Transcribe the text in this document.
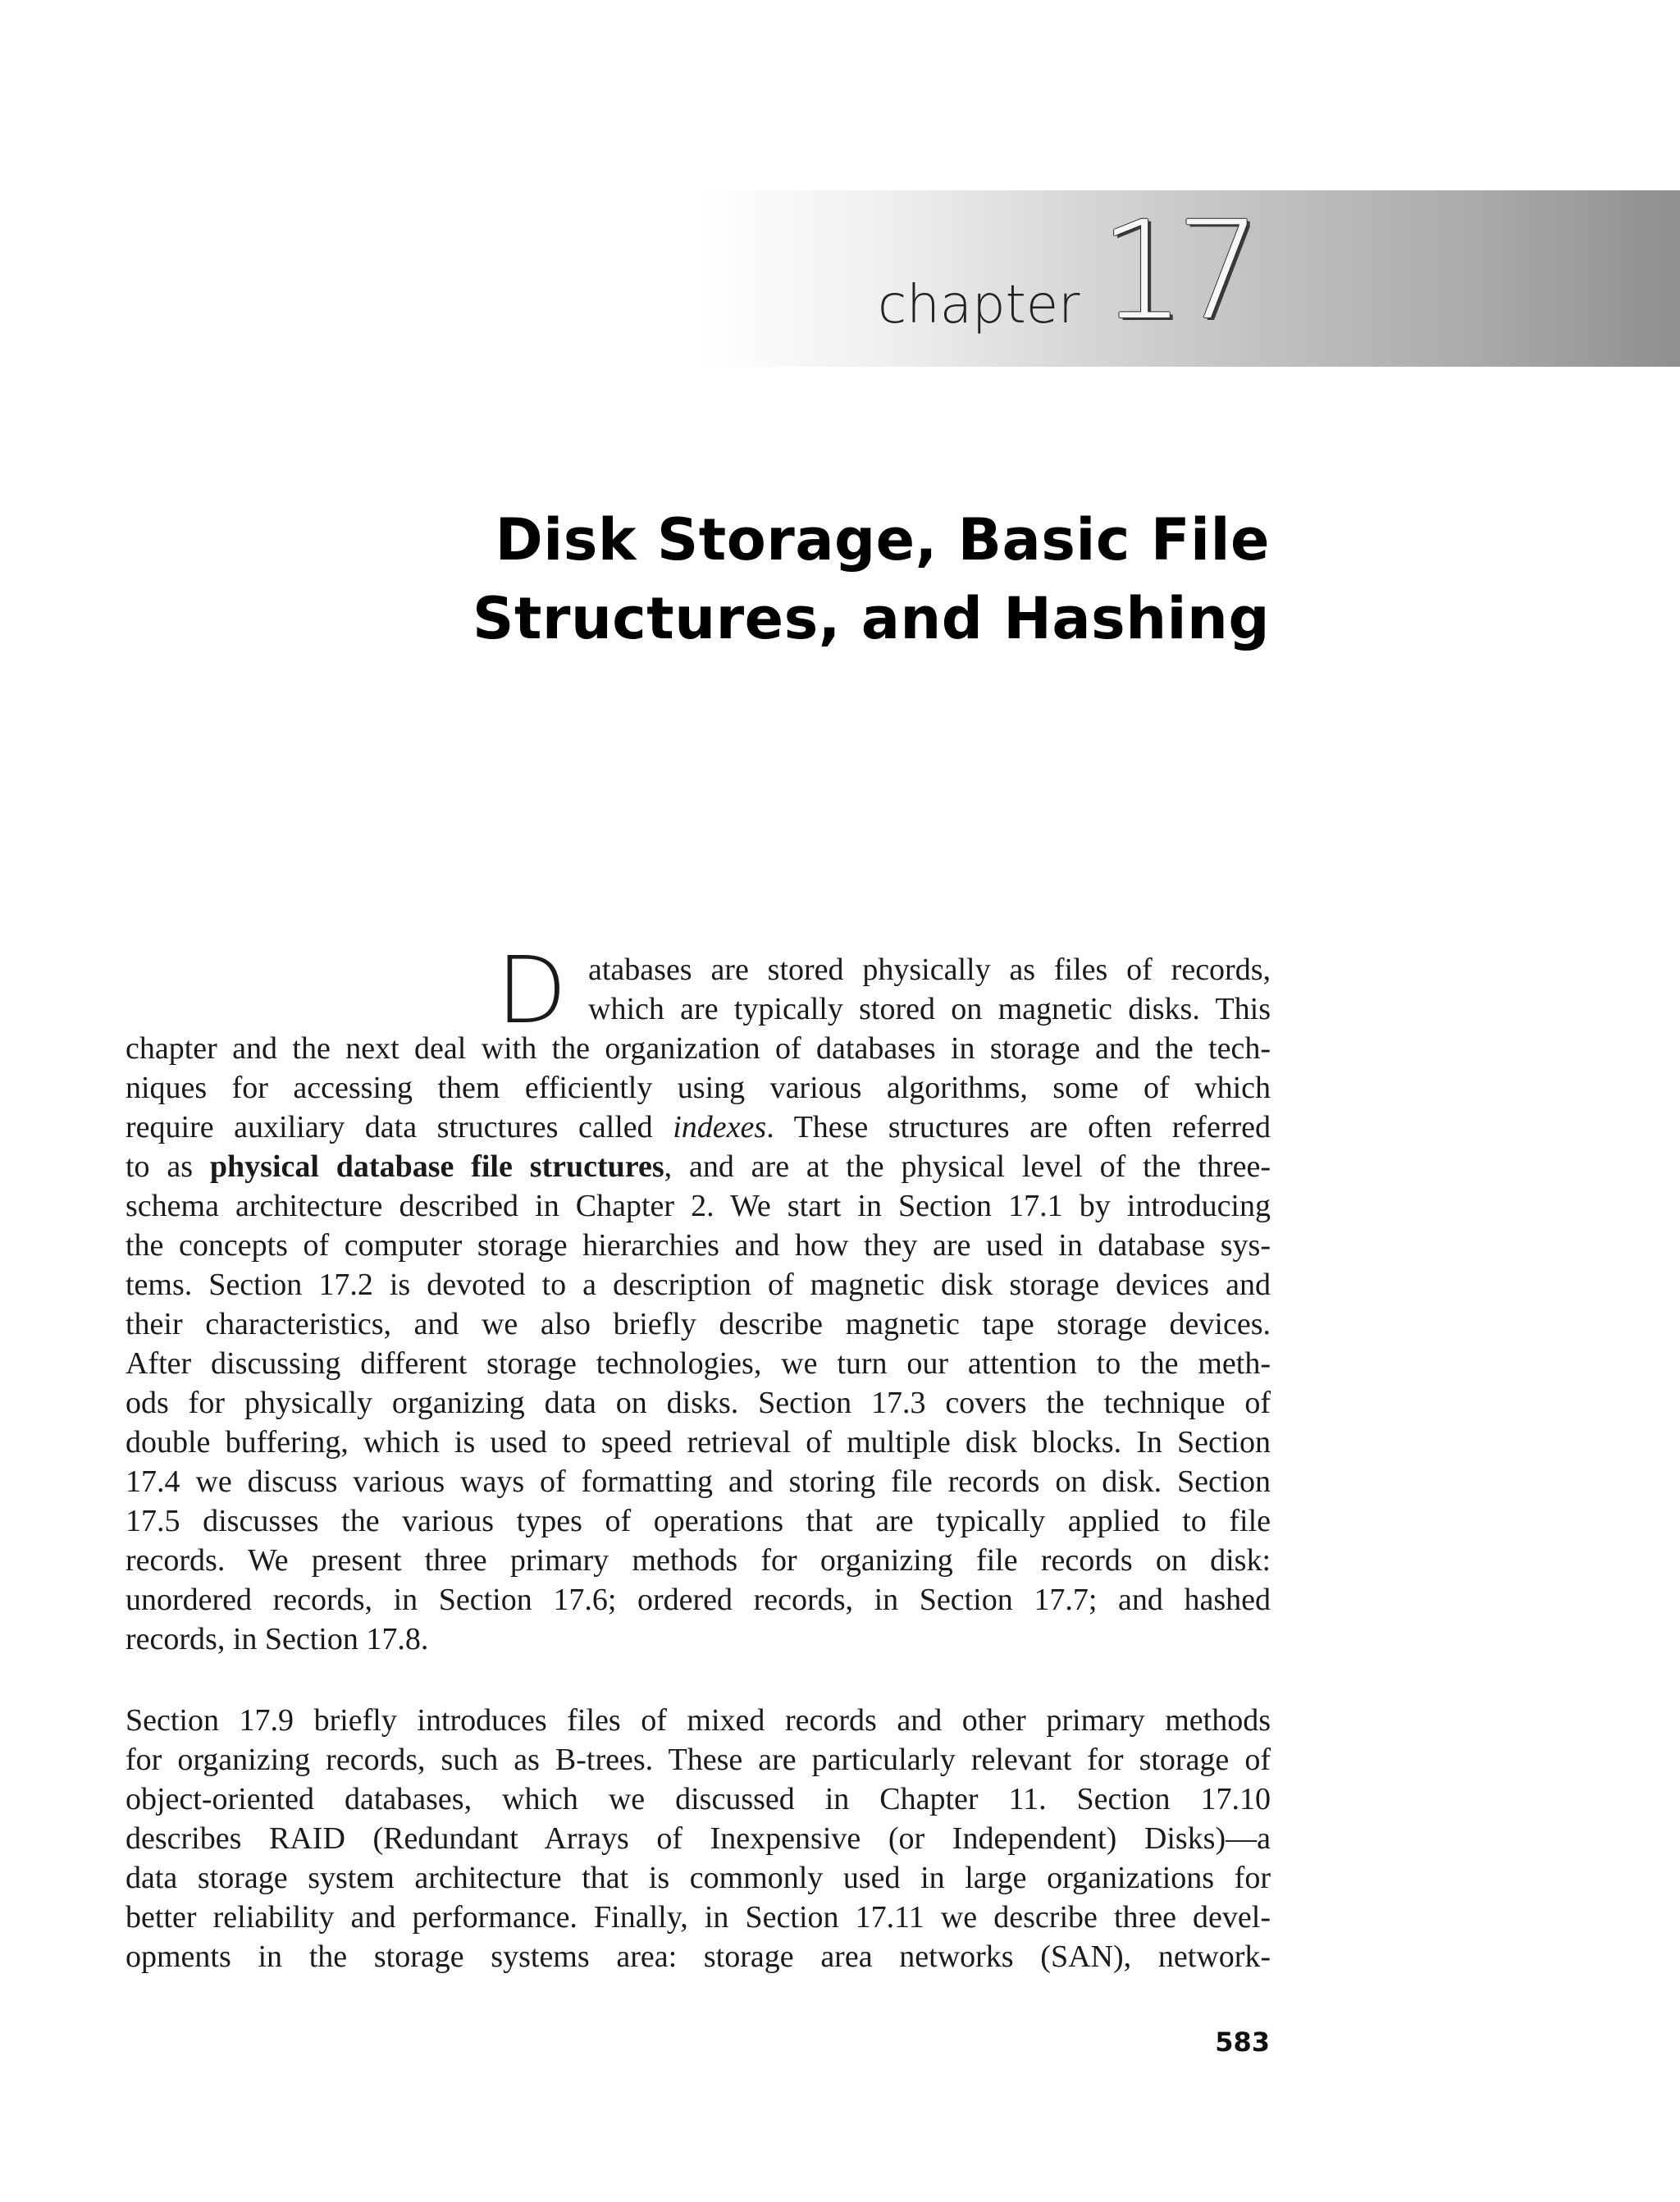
chapter 17
Disk Storage, Basic File
Structures, and Hashing
D atabases are stored physically as files of records,
which are typically stored on magnetic disks. This
chapter and the next deal with the organization of databases in storage and the tech-
niques for accessing them efficiently using various algorithms, some of which
require auxiliary data structures called indexes. These structures are often referred
to as physical database file structures, and are at the physical level of the three-
schema architecture described in Chapter 2. We start in Section 17.1 by introducing
the concepts of computer storage hierarchies and how they are used in database sys-
tems. Section 17.2 is devoted to a description of magnetic disk storage devices and
their characteristics, and we also briefly describe magnetic tape storage devices.
After discussing different storage technologies, we turn our attention to the meth-
ods for physically organizing data on disks. Section 17.3 covers the technique of
double buffering, which is used to speed retrieval of multiple disk blocks. In Section
17.4 we discuss various ways of formatting and storing file records on disk. Section
17.5 discusses the various types of operations that are typically applied to file
records. We present three primary methods for organizing file records on disk:
unordered records, in Section 17.6; ordered records, in Section 17.7; and hashed
records, in Section 17.8.
Section 17.9 briefly introduces files of mixed records and other primary methods
for organizing records, such as B-trees. These are particularly relevant for storage of
object-oriented databases, which we discussed in Chapter 11. Section 17.10
describes RAID (Redundant Arrays of Inexpensive (or Independent) Disks)—a
data storage system architecture that is commonly used in large organizations for
better reliability and performance. Finally, in Section 17.11 we describe three devel-
opments in the storage systems area: storage area networks (SAN), network-
583
